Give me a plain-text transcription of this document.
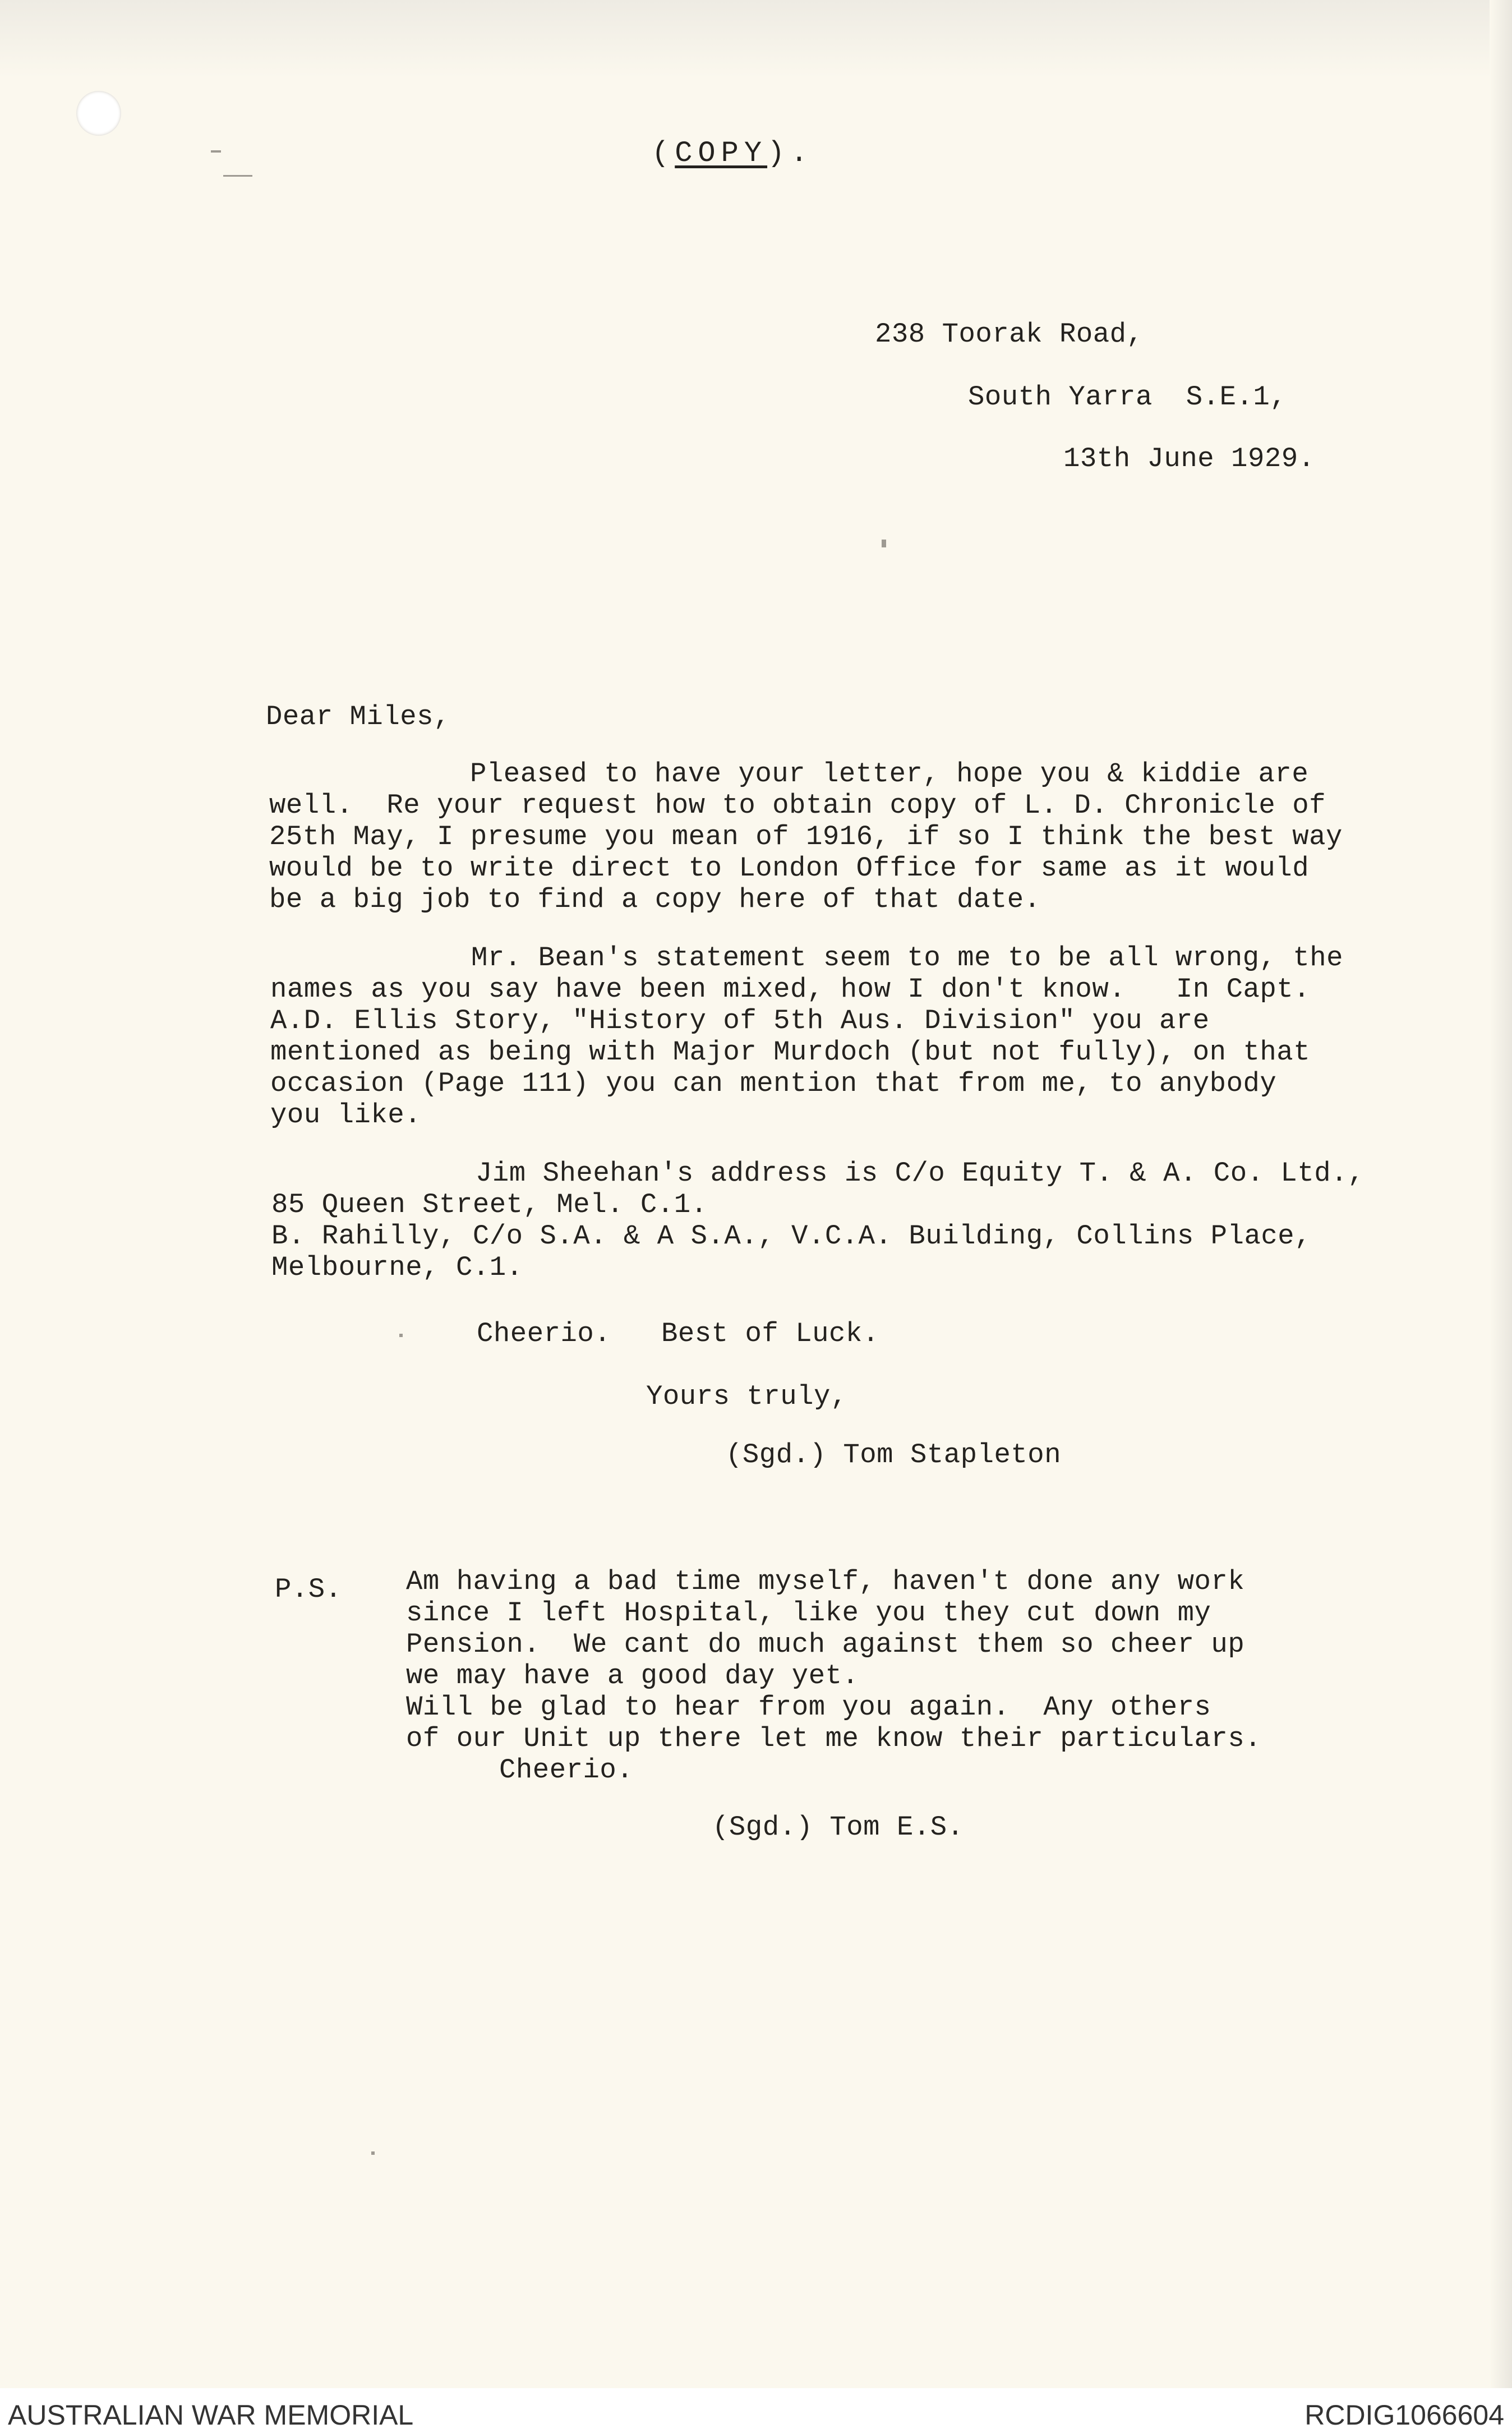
(COPY).
238 Toorak Road,
South Yarra  S.E.1,
13th June 1929.
Dear Miles,
Pleased to have your letter, hope you & kiddie are
well.  Re your request how to obtain copy of L. D. Chronicle of
25th May, I presume you mean of 1916, if so I think the best way
would be to write direct to London Office for same as it would
be a big job to find a copy here of that date.
Mr. Bean's statement seem to me to be all wrong, the
names as you say have been mixed, how I don't know.   In Capt.
A.D. Ellis Story, "History of 5th Aus. Division" you are
mentioned as being with Major Murdoch (but not fully), on that
occasion (Page 111) you can mention that from me, to anybody
you like.
Jim Sheehan's address is C/o Equity T. & A. Co. Ltd.,
85 Queen Street, Mel. C.1.
B. Rahilly, C/o S.A. & A S.A., V.C.A. Building, Collins Place,
Melbourne, C.1.
Cheerio.   Best of Luck.
Yours truly,
(Sgd.) Tom Stapleton
P.S. Am having a bad time myself, haven't done any work
since I left Hospital, like you they cut down my
Pension.  We cant do much against them so cheer up
we may have a good day yet.
Will be glad to hear from you again.  Any others
of our Unit up there let me know their particulars.
Cheerio.
(Sgd.) Tom E.S.
AUSTRALIAN WAR MEMORIAL	RCDIG1066604
